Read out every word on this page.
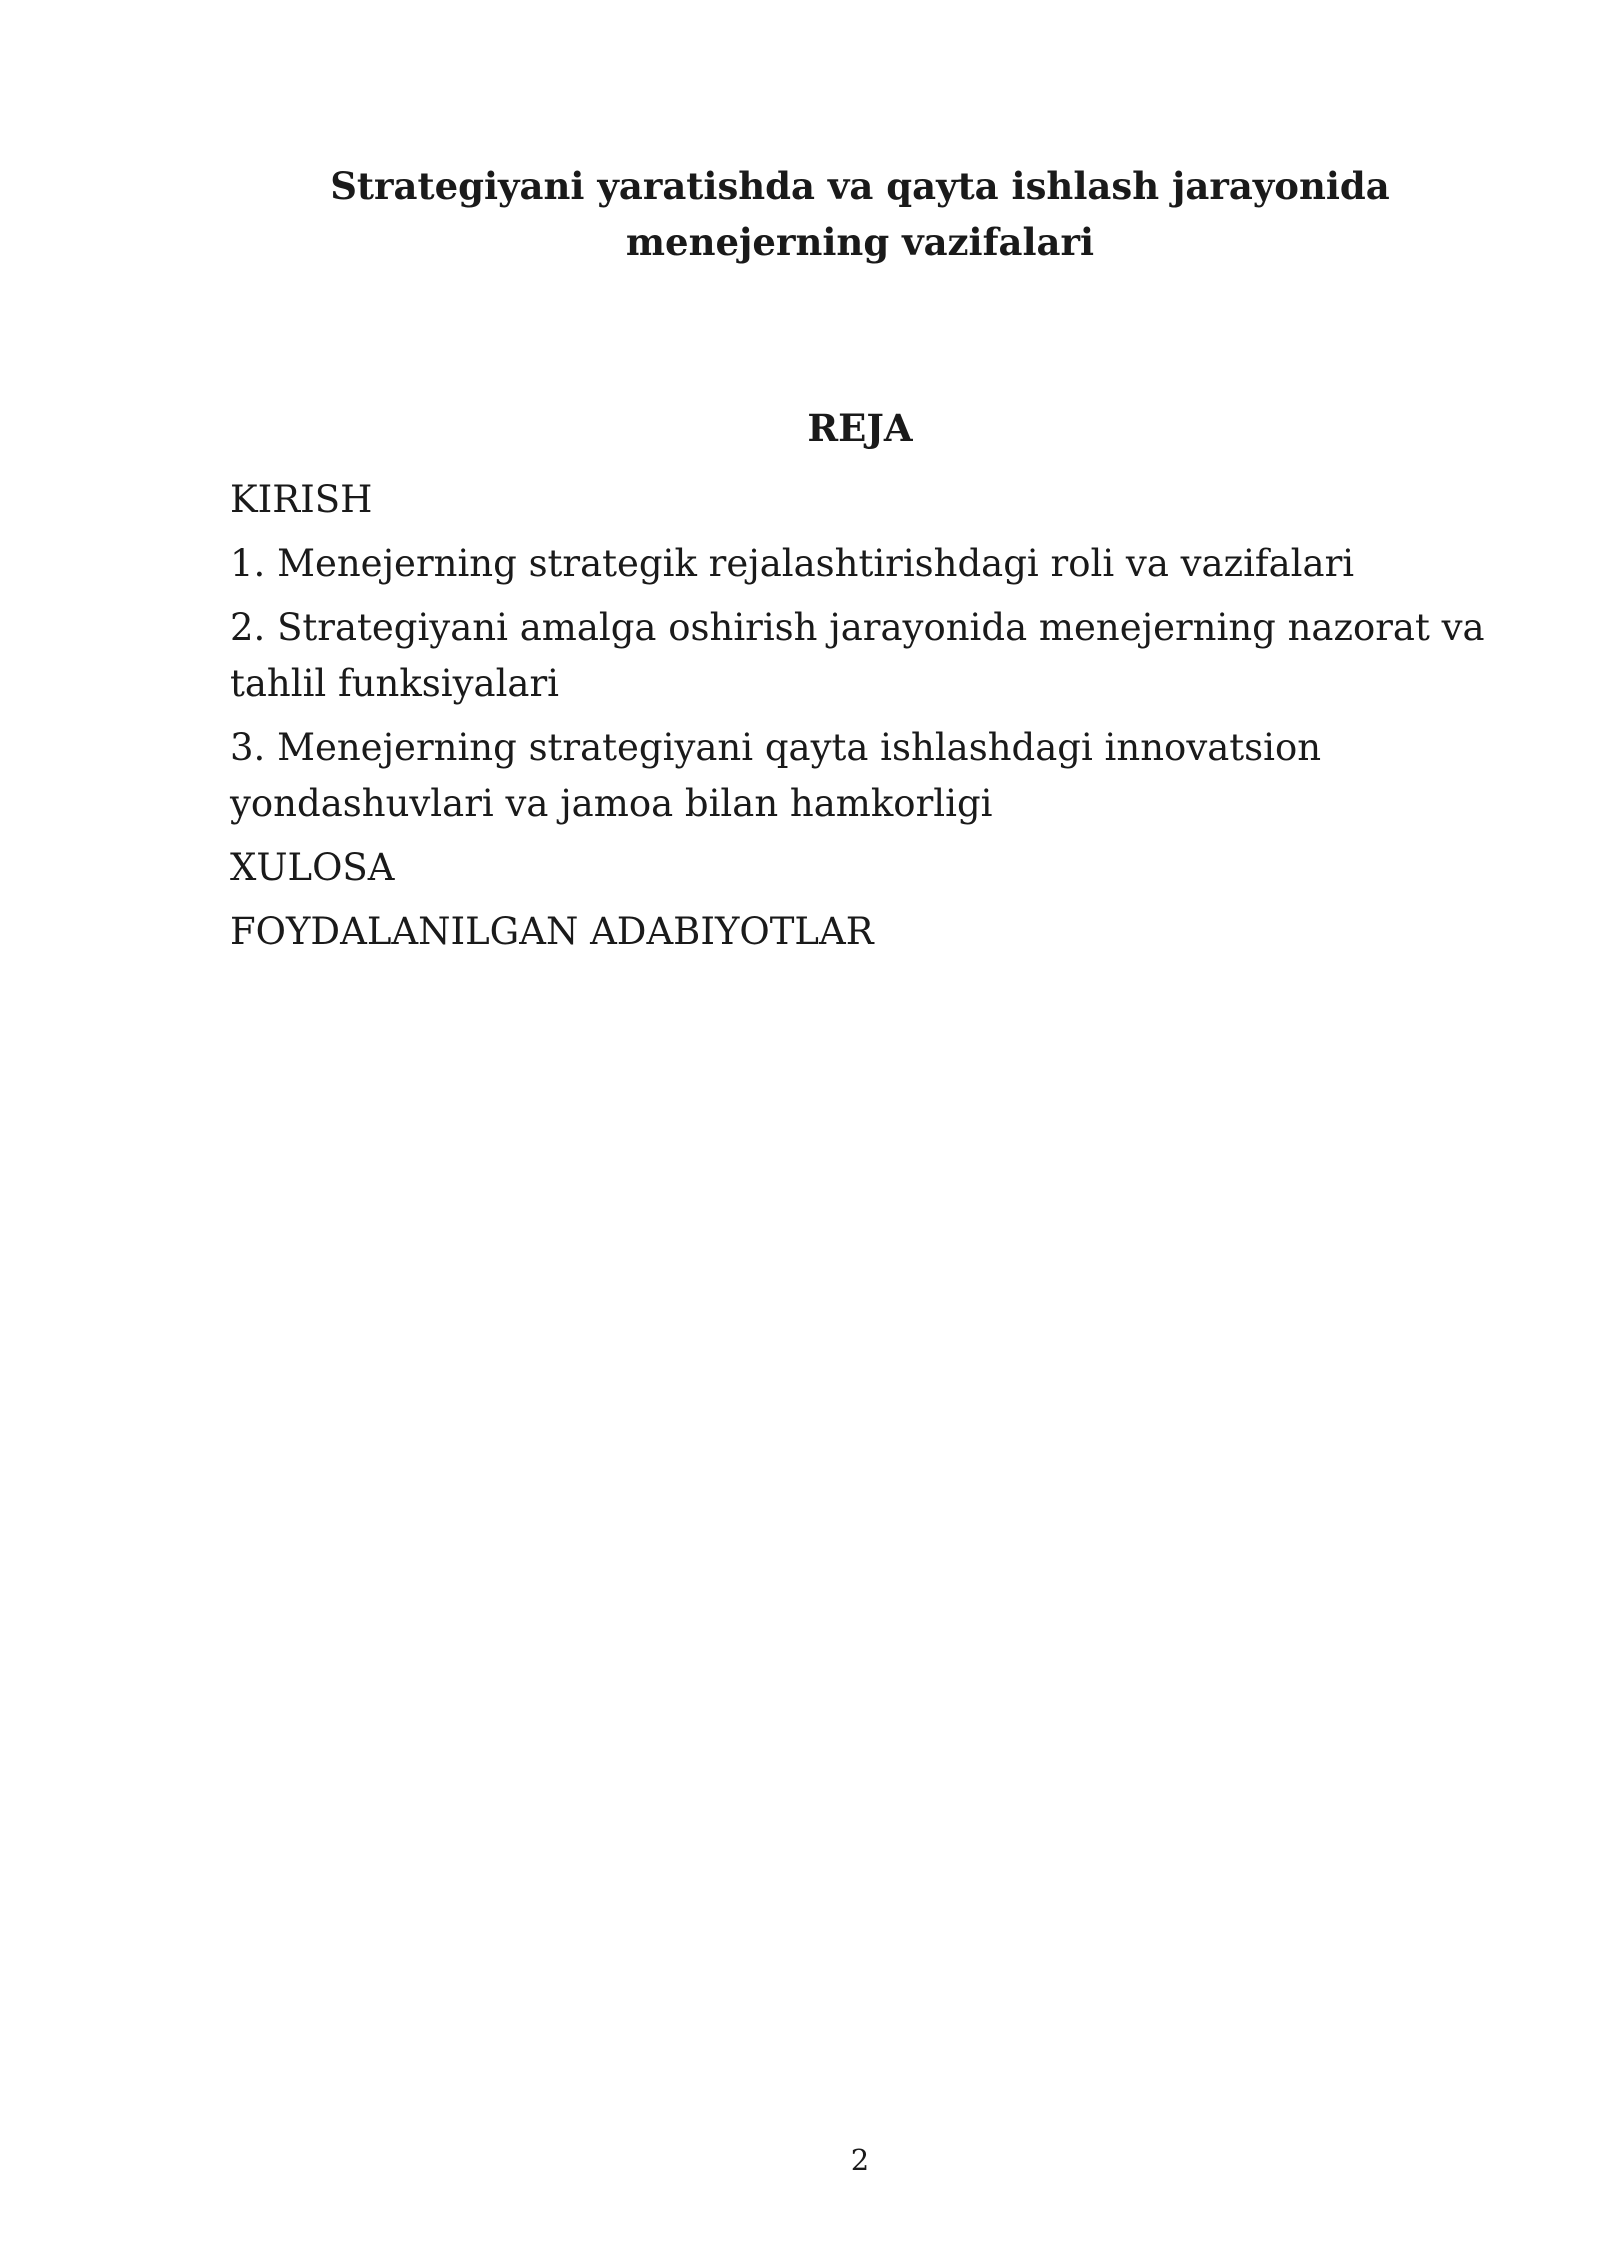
Strategiyani yaratishda va qayta ishlash jarayonida
menejerning vazifalari
REJA
KIRISH
1. Menejerning strategik rejalashtirishdagi roli va vazifalari
2. Strategiyani amalga oshirish jarayonida menejerning nazorat va tahlil funksiyalari
3. Menejerning strategiyani qayta ishlashdagi innovatsion yondashuvlari va jamoa bilan hamkorligi
XULOSA
FOYDALANILGAN ADABIYOTLAR
2
